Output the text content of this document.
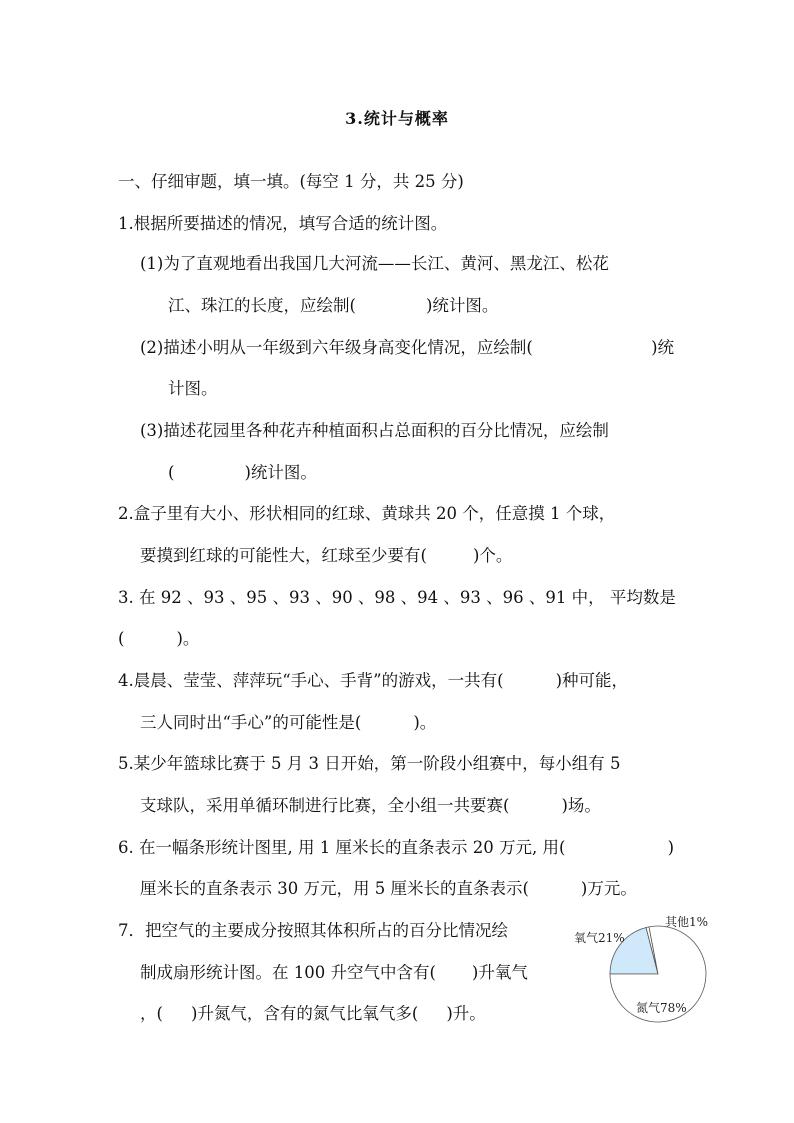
3.统计与概率
一、仔细审题，填一填。(每空 1 分，共 25 分)
1.根据所要描述的情况，填写合适的统计图。
(1)为了直观地看出我国几大河流——长江、黄河、黑龙江、松花
江、珠江的长度，应绘制(	)统计图。
(2)描述小明从一年级到六年级身高变化情况，应绘制(	)统
计图。
(3)描述花园里各种花卉种植面积占总面积的百分比情况，应绘制
(	)统计图。
2.盒子里有大小、形状相同的红球、黄球共 20 个，任意摸 1 个球，
要摸到红球的可能性大，红球至少要有(	)个。
3. 在 92 、93 、95 、93 、90 、98 、94 、93 、96 、91 中， 平均数是
(	)。
4.晨晨、莹莹、萍萍玩“手心、手背”的游戏，一共有(	)种可能，
三人同时出“手心”的可能性是(	)。
5.某少年篮球比赛于 5 月 3 日开始，第一阶段小组赛中，每小组有 5
支球队，采用单循环制进行比赛，全小组一共要赛(	)场。
6. 在一幅条形统计图里, 用 1 厘米长的直条表示 20 万元, 用(	)
厘米长的直条表示 30 万元，用 5 厘米长的直条表示(	)万元。
7．把空气的主要成分按照其体积所占的百分比情况绘
制成扇形统计图。在 100 升空气中含有( )升氧气
，( )升氮气，含有的氮气比氧气多( )升。
氧气21%
其他1%
氮气78%
